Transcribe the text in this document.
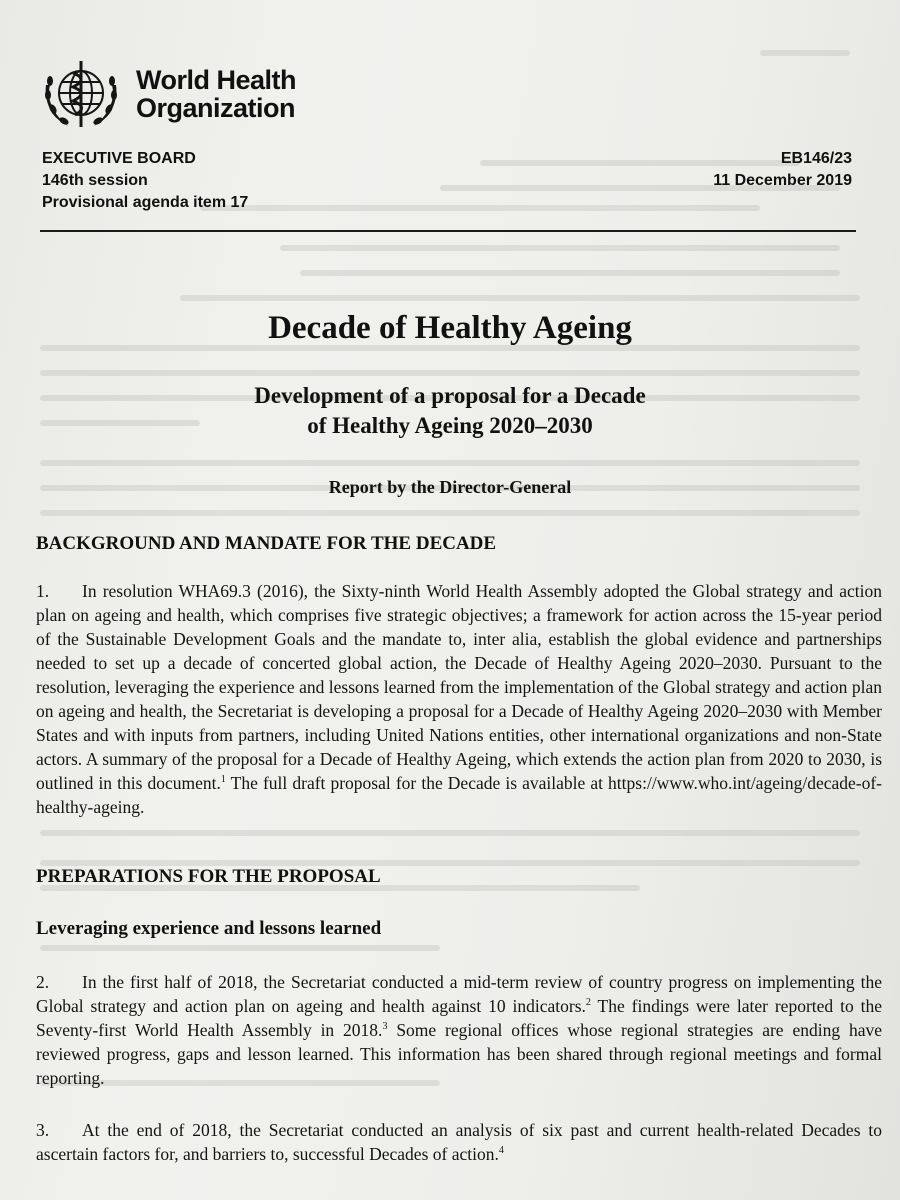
World Health
Organization
EXECUTIVE BOARD
146th session
Provisional agenda item 17
EB146/23
11 December 2019
Decade of Healthy Ageing
Development of a proposal for a Decade
of Healthy Ageing 2020–2030
Report by the Director-General
BACKGROUND AND MANDATE FOR THE DECADE
1. In resolution WHA69.3 (2016), the Sixty-ninth World Health Assembly adopted the Global strategy and action plan on ageing and health, which comprises five strategic objectives; a framework for action across the 15-year period of the Sustainable Development Goals and the mandate to, inter alia, establish the global evidence and partnerships needed to set up a decade of concerted global action, the Decade of Healthy Ageing 2020–2030. Pursuant to the resolution, leveraging the experience and lessons learned from the implementation of the Global strategy and action plan on ageing and health, the Secretariat is developing a proposal for a Decade of Healthy Ageing 2020–2030 with Member States and with inputs from partners, including United Nations entities, other international organizations and non-State actors. A summary of the proposal for a Decade of Healthy Ageing, which extends the action plan from 2020 to 2030, is outlined in this document.$^1$ The full draft proposal for the Decade is available at https://www.who.int/ageing/decade-of-healthy-ageing.
PREPARATIONS FOR THE PROPOSAL
Leveraging experience and lessons learned
2. In the first half of 2018, the Secretariat conducted a mid-term review of country progress on implementing the Global strategy and action plan on ageing and health against 10 indicators.$^2$ The findings were later reported to the Seventy-first World Health Assembly in 2018.$^3$ Some regional offices whose regional strategies are ending have reviewed progress, gaps and lesson learned. This information has been shared through regional meetings and formal reporting.
3. At the end of 2018, the Secretariat conducted an analysis of six past and current health-related Decades to ascertain factors for, and barriers to, successful Decades of action.$^4$
